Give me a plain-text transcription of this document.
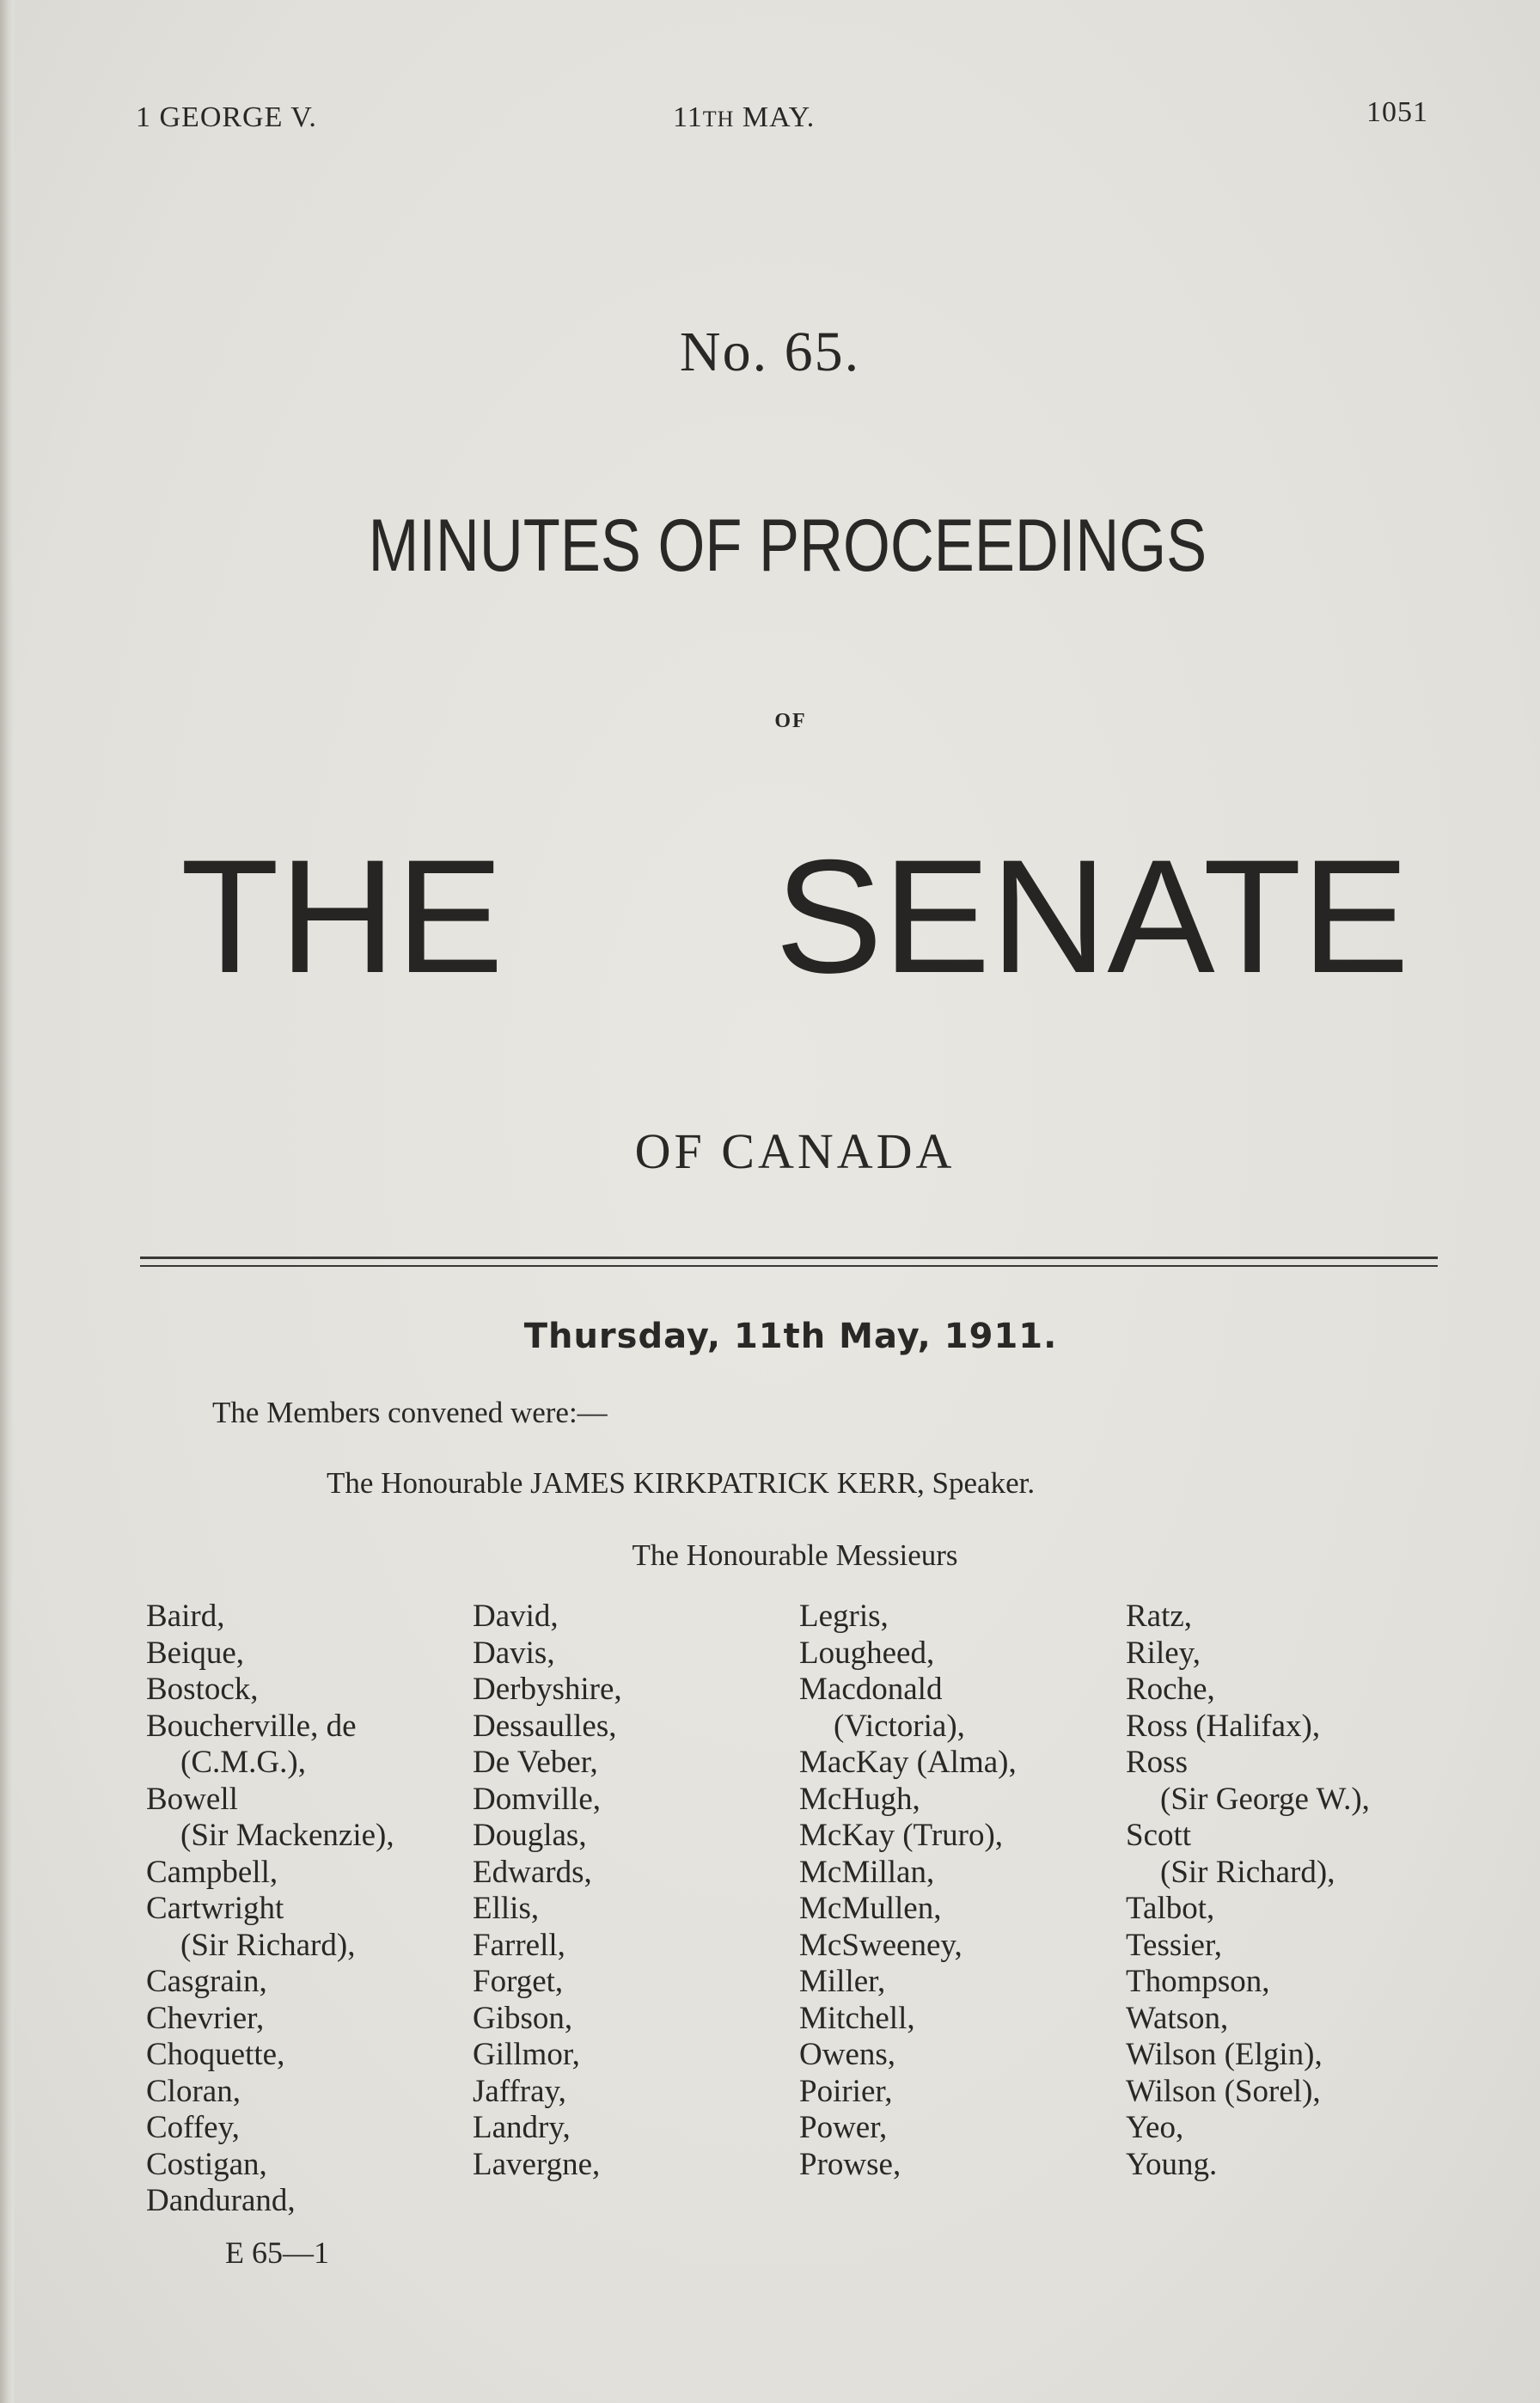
1 GEORGE V.	11TH MAY.	1051
No. 65.
MINUTES OF PROCEEDINGS
OF
THE SENATE
OF CANADA
Thursday, 11th May, 1911.
The Members convened were:—
The Honourable JAMES KIRKPATRICK KERR, Speaker.
The Honourable Messieurs
Baird,
Beique,
Bostock,
Boucherville, de
(C.M.G.),
Bowell
(Sir Mackenzie),
Campbell,
Cartwright
(Sir Richard),
Casgrain,
Chevrier,
Choquette,
Cloran,
Coffey,
Costigan,
Dandurand,
David,
Davis,
Derbyshire,
Dessaulles,
De Veber,
Domville,
Douglas,
Edwards,
Ellis,
Farrell,
Forget,
Gibson,
Gillmor,
Jaffray,
Landry,
Lavergne,
Legris,
Lougheed,
Macdonald
(Victoria),
MacKay (Alma),
McHugh,
McKay (Truro),
McMillan,
McMullen,
McSweeney,
Miller,
Mitchell,
Owens,
Poirier,
Power,
Prowse,
Ratz,
Riley,
Roche,
Ross (Halifax),
Ross
(Sir George W.),
Scott
(Sir Richard),
Talbot,
Tessier,
Thompson,
Watson,
Wilson (Elgin),
Wilson (Sorel),
Yeo,
Young.
E 65—1
